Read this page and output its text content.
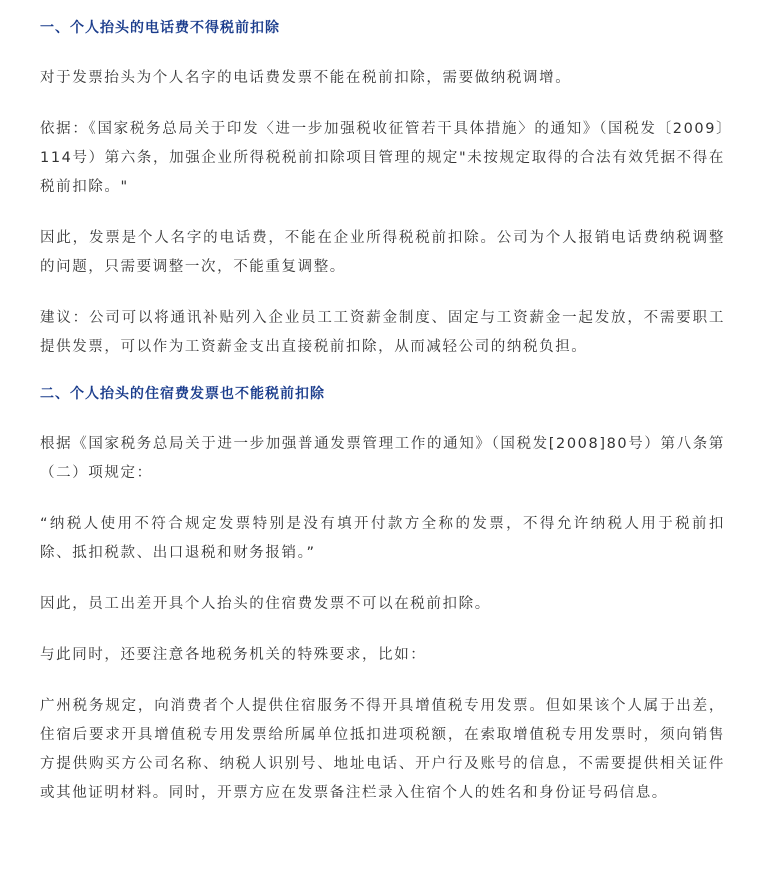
一、个人抬头的电话费不得税前扣除

对于发票抬头为个人名字的电话费发票不能在税前扣除，需要做纳税调增。

依据：《国家税务总局关于印发〈进一步加强税收征管若干具体措施〉的通知》（国税发〔2009〕114号）第六条，加强企业所得税税前扣除项目管理的规定"未按规定取得的合法有效凭据不得在税前扣除。"

因此，发票是个人名字的电话费，不能在企业所得税税前扣除。公司为个人报销电话费纳税调整的问题，只需要调整一次，不能重复调整。

建议：公司可以将通讯补贴列入企业员工工资薪金制度、固定与工资薪金一起发放，不需要职工提供发票，可以作为工资薪金支出直接税前扣除，从而减轻公司的纳税负担。

二、个人抬头的住宿费发票也不能税前扣除

根据《国家税务总局关于进一步加强普通发票管理工作的通知》（国税发[2008]80号）第八条第（二）项规定：

“纳税人使用不符合规定发票特别是没有填开付款方全称的发票，不得允许纳税人用于税前扣除、抵扣税款、出口退税和财务报销。”

因此，员工出差开具个人抬头的住宿费发票不可以在税前扣除。

与此同时，还要注意各地税务机关的特殊要求，比如：

广州税务规定，向消费者个人提供住宿服务不得开具增值税专用发票。但如果该个人属于出差，住宿后要求开具增值税专用发票给所属单位抵扣进项税额，在索取增值税专用发票时，须向销售方提供购买方公司名称、纳税人识别号、地址电话、开户行及账号的信息，不需要提供相关证件或其他证明材料。同时，开票方应在发票备注栏录入住宿个人的姓名和身份证号码信息。
